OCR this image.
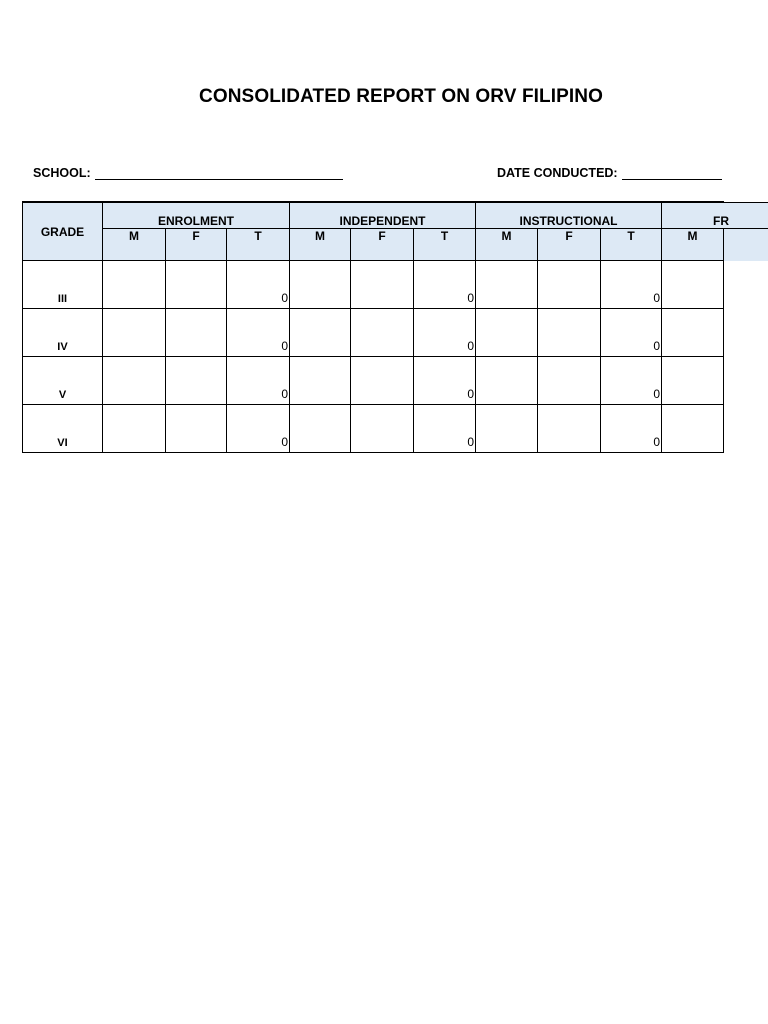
CONSOLIDATED REPORT ON ORV FILIPINO
SCHOOL:	DATE CONDUCTED:
GRADE	ENROLMENT			INDEPENDENT			INSTRUCTIONAL			FR	
	M	F	T	M	F	T	M	F	T	M	
III			0			0			0		
IV			0			0			0		
V			0			0			0		
VI			0			0			0		
